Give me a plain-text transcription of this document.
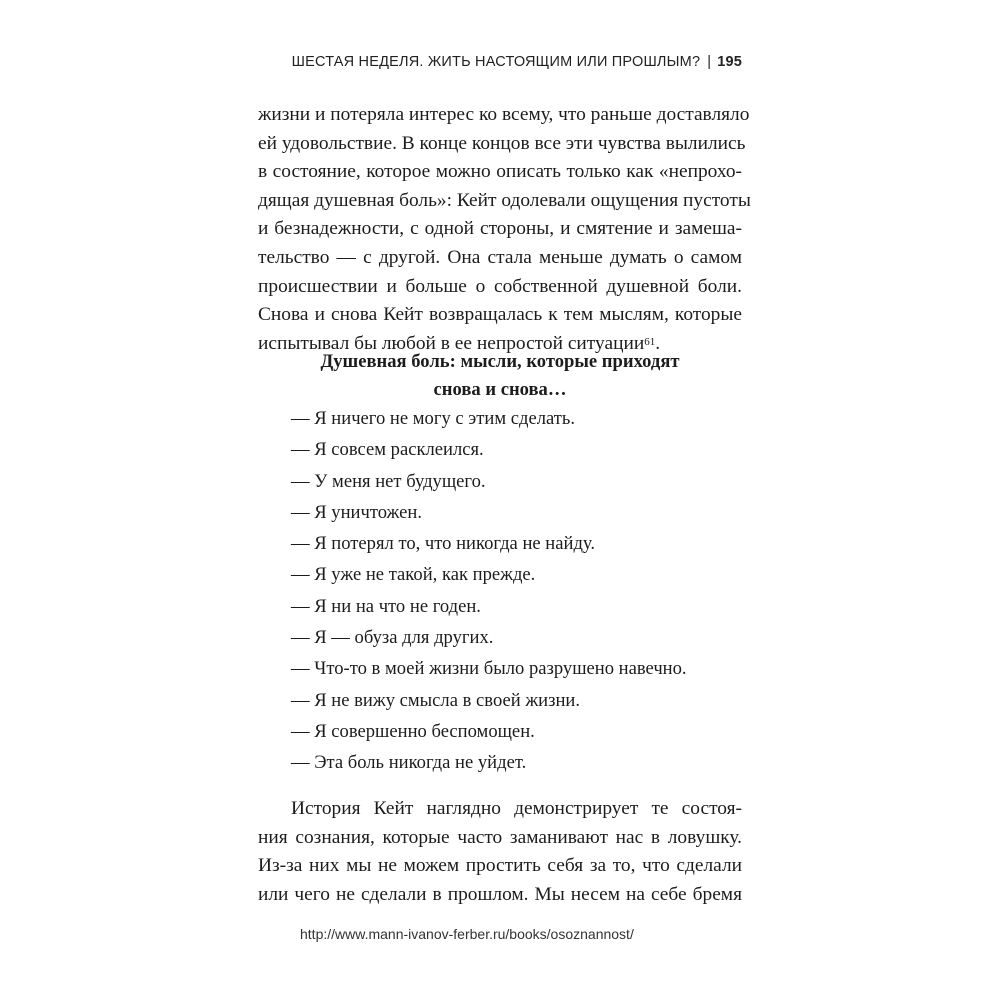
ШЕСТАЯ НЕДЕЛЯ. ЖИТЬ НАСТОЯЩИМ ИЛИ ПРОШЛЫМ? | 195

жизни и потеряла интерес ко всему, что раньше доставляло
ей удовольствие. В конце концов все эти чувства вылились
в состояние, которое можно описать только как «непрохо-
дящая душевная боль»: Кейт одолевали ощущения пустоты
и безнадежности, с одной стороны, и смятение и замеша-
тельство — с другой. Она стала меньше думать о самом
происшествии и больше о собственной душевной боли.
Снова и снова Кейт возвращалась к тем мыслям, которые
испытывал бы любой в ее непростой ситуации$^{61}$.

Душевная боль: мысли, которые приходят
снова и снова…
— Я ничего не могу с этим сделать.
— Я совсем расклеился.
— У меня нет будущего.
— Я уничтожен.
— Я потерял то, что никогда не найду.
— Я уже не такой, как прежде.
— Я ни на что не годен.
— Я — обуза для других.
— Что-то в моей жизни было разрушено навечно.
— Я не вижу смысла в своей жизни.
— Я совершенно беспомощен.
— Эта боль никогда не уйдет.

История Кейт наглядно демонстрирует те состоя-
ния сознания, которые часто заманивают нас в ловушку.
Из-за них мы не можем простить себя за то, что сделали
или чего не сделали в прошлом. Мы несем на себе бремя

http://www.mann-ivanov-ferber.ru/books/osoznannost/
